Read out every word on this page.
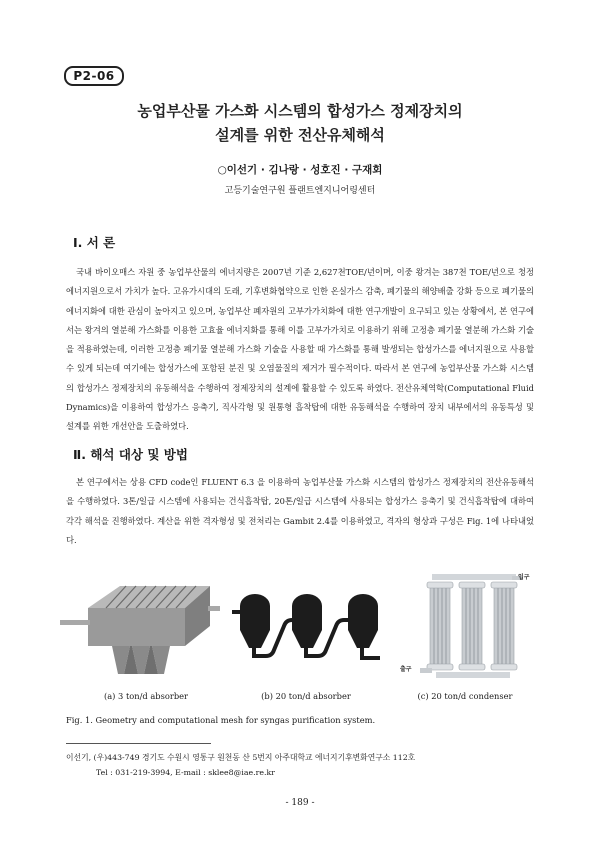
P2-06
농업부산물 가스화 시스템의 합성가스 정제장치의
설계를 위한 전산유체해석
○이선기 · 김나랑 · 성호진 · 구재회
고등기술연구원 플랜트엔지니어링센터
Ⅰ. 서 론

국내 바이오매스 자원 중 농업부산물의 에너지량은 2007년 기준 2,627천TOE/년이며, 이중 왕겨는 387천 TOE/년으로 청정에너지원으로서 가치가 높다. 고유가시대의 도래, 기후변화협약으로 인한 온실가스 감축, 폐기물의 해양배출 강화 등으로 폐기물의 에너지화에 대한 관심이 높아지고 있으며, 농업부산 폐자원의 고부가가치화에 대한 연구개발이 요구되고 있는 상황에서, 본 연구에서는 왕겨의 열분해 가스화를 이용한 고효율 에너지화를 통해 이를 고부가가치로 이용하기 위해 고정층 폐기물 열분해 가스화 기술을 적용하였는데, 이러한 고정층 폐기물 열분해 가스화 기술을 사용할 때 가스화를 통해 발생되는 합성가스를 에너지원으로 사용할 수 있게 되는데 여기에는 합성가스에 포함된 분진 및 오염물질의 제거가 필수적이다. 따라서 본 연구에 농업부산물 가스화 시스템의 합성가스 정제장치의 유동해석을 수행하여 정제장치의 설계에 활용할 수 있도록 하였다. 전산유체역학(Computational Fluid Dynamics)을 이용하여 합성가스 응축기, 직사각형 및 원통형 흡착탑에 대한 유동해석을 수행하여 장치 내부에서의 유동특성 및 설계를 위한 개선안을 도출하였다.

Ⅱ. 해석 대상 및 방법

본 연구에서는 상용 CFD code인 FLUENT 6.3 을 이용하여 농업부산물 가스화 시스템의 합성가스 정제장치의 전산유동해석을 수행하였다. 3톤/일급 시스템에 사용되는 건식흡착탑, 20톤/일급 시스템에 사용되는 합성가스 응축기 및 건식흡착탑에 대하여 각각 해석을 진행하였다. 계산을 위한 격자형성 및 전처리는 Gambit 2.4를 이용하였고, 격자의 형상과 구성은 Fig. 1에 나타내었다.

입구
출구
(a) 3 ton/d absorber	(b) 20 ton/d absorber	(c) 20 ton/d condenser
Fig. 1. Geometry and computational mesh for syngas purification system.
이선기, (우)443-749 경기도 수원시 영통구 원천동 산 5번지 아주대학교 에너지기후변화연구소 112호
Tel : 031-219-3994, E-mail : sklee8@iae.re.kr
- 189 -
